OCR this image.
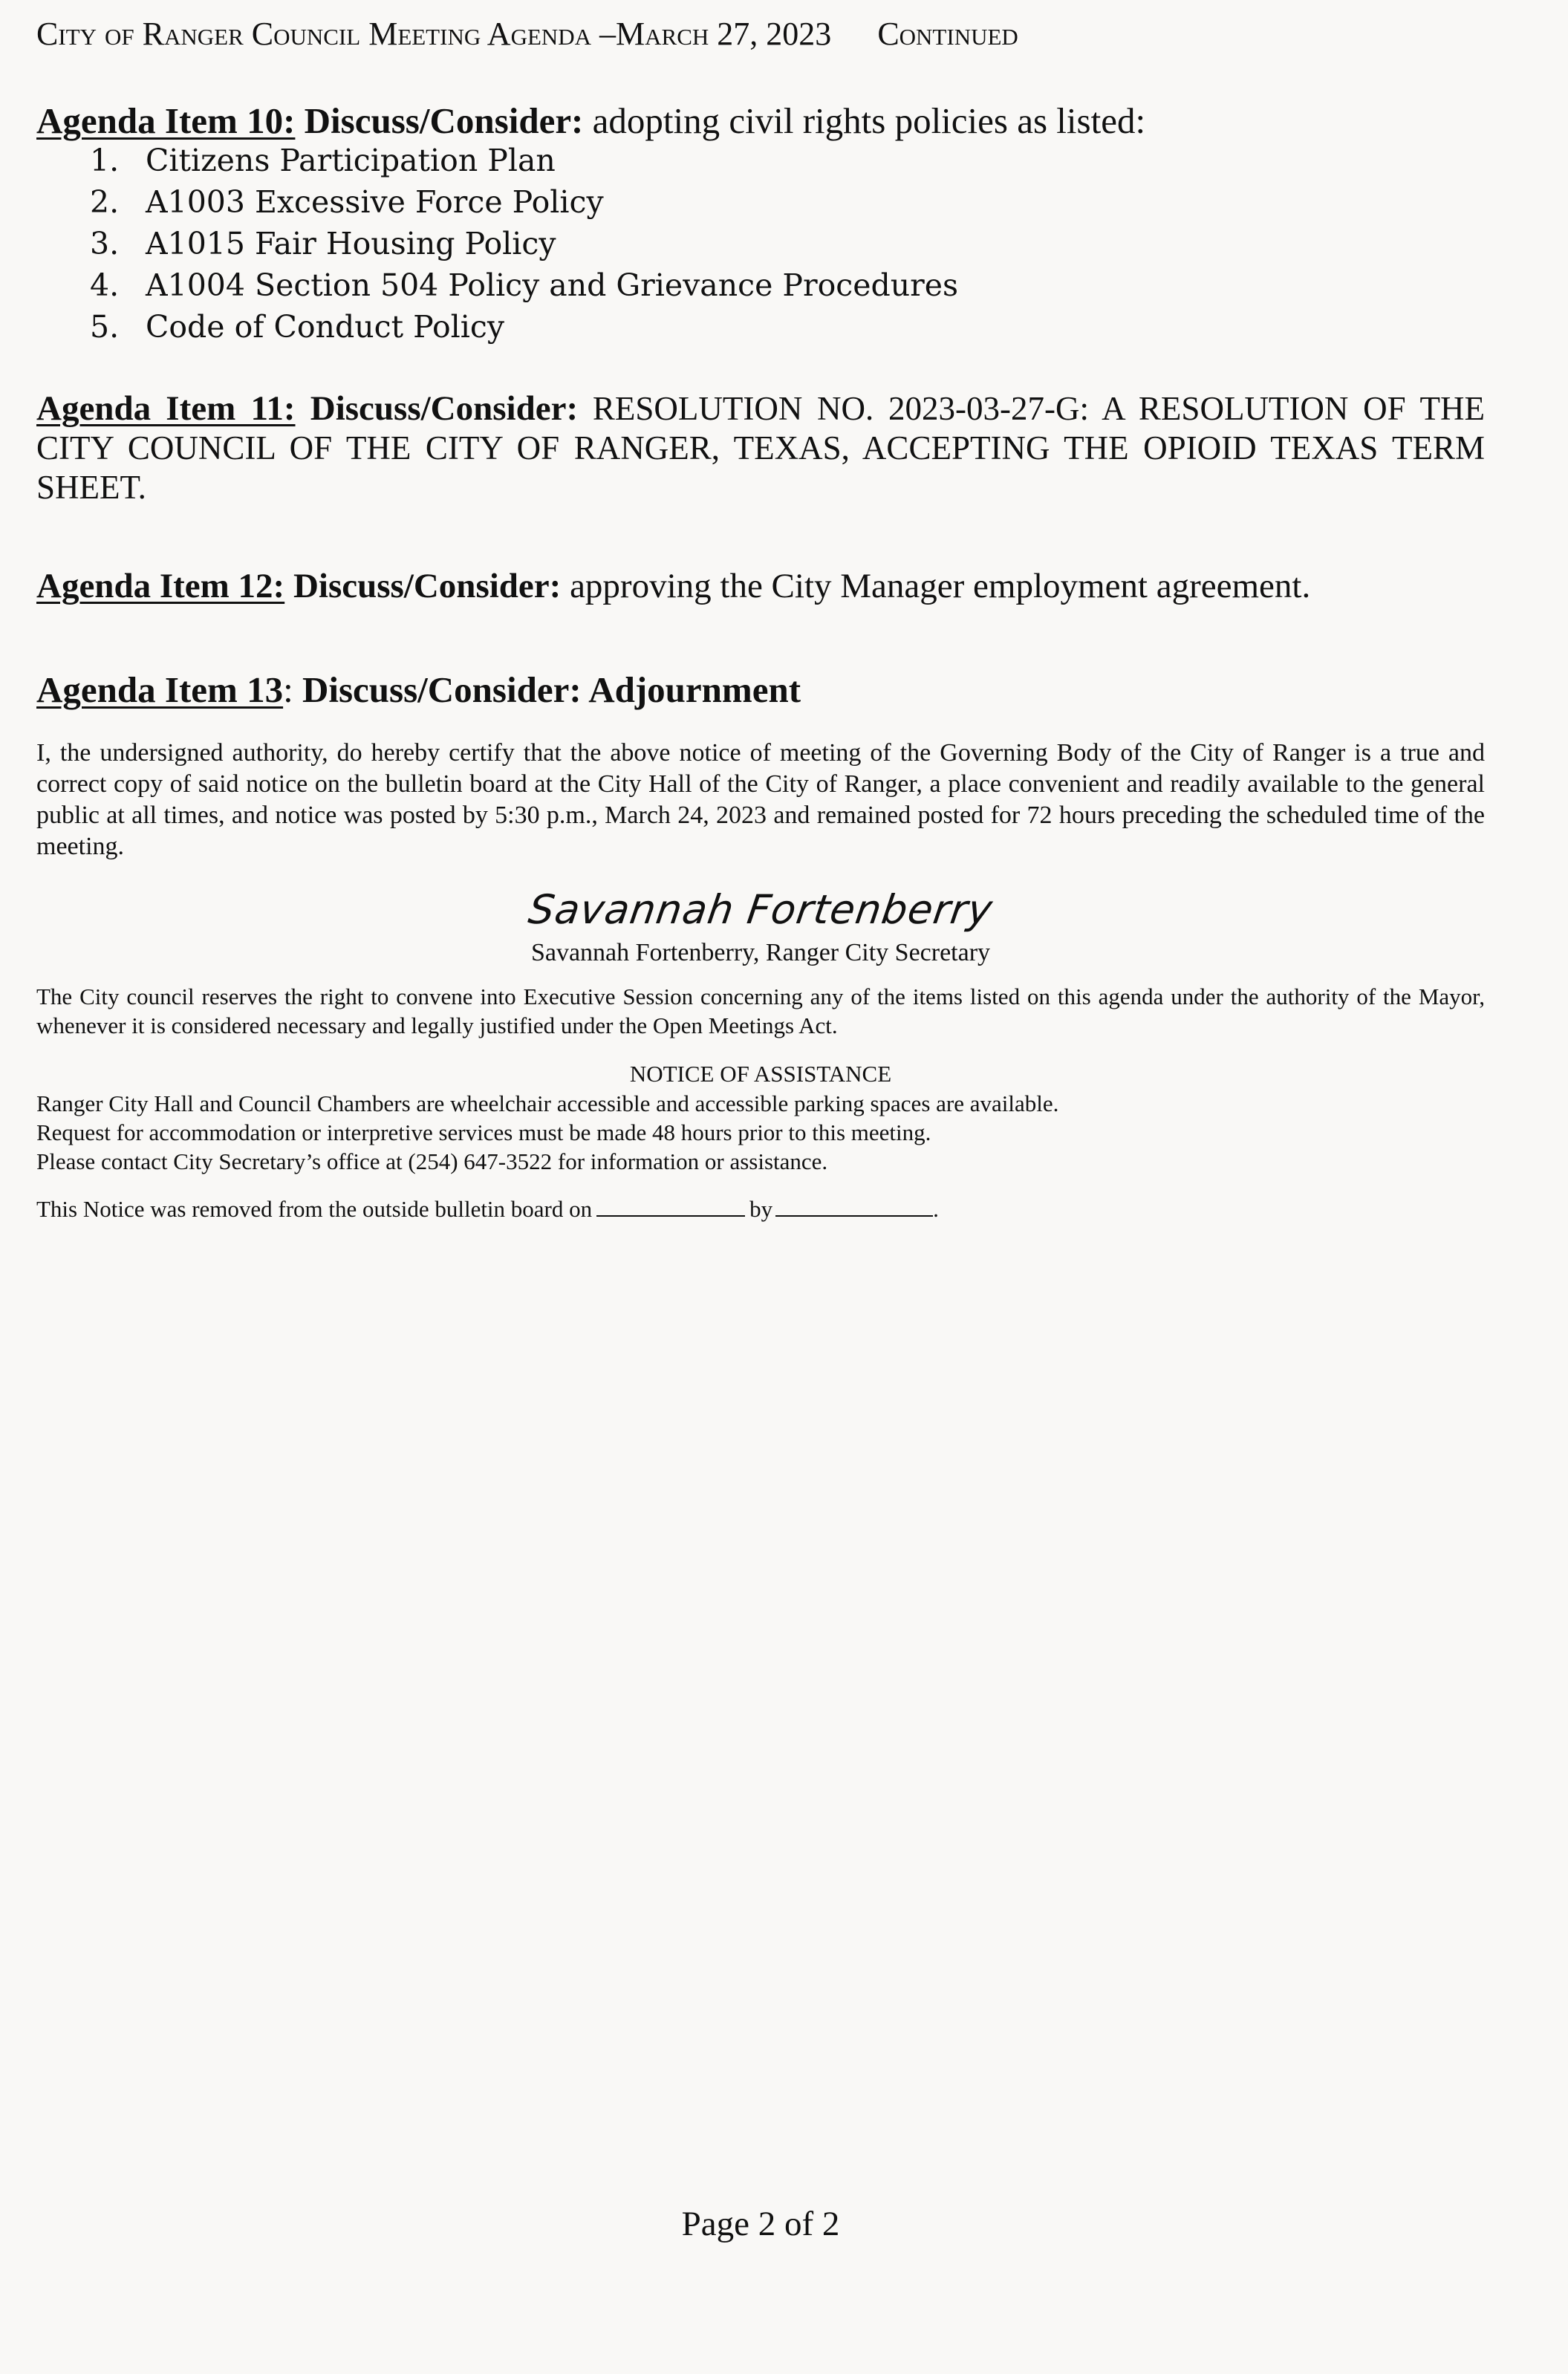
City of Ranger Council Meeting Agenda –March 27, 2023 Continued
Agenda Item 10: Discuss/Consider: adopting civil rights policies as listed:
1. Citizens Participation Plan
2. A1003 Excessive Force Policy
3. A1015 Fair Housing Policy
4. A1004 Section 504 Policy and Grievance Procedures
5. Code of Conduct Policy
Agenda Item 11: Discuss/Consider: RESOLUTION NO. 2023-03-27-G: A RESOLUTION OF THE CITY COUNCIL OF THE CITY OF RANGER, TEXAS, ACCEPTING THE OPIOID TEXAS TERM SHEET.
Agenda Item 12: Discuss/Consider: approving the City Manager employment agreement.
Agenda Item 13: Discuss/Consider: Adjournment
I, the undersigned authority, do hereby certify that the above notice of meeting of the Governing Body of the City of Ranger is a true and correct copy of said notice on the bulletin board at the City Hall of the City of Ranger, a place convenient and readily available to the general public at all times, and notice was posted by 5:30 p.m., March 24, 2023 and remained posted for 72 hours preceding the scheduled time of the meeting.
Savannah Fortenberry
Savannah Fortenberry, Ranger City Secretary
The City council reserves the right to convene into Executive Session concerning any of the items listed on this agenda under the authority of the Mayor, whenever it is considered necessary and legally justified under the Open Meetings Act.
NOTICE OF ASSISTANCE
Ranger City Hall and Council Chambers are wheelchair accessible and accessible parking spaces are available.
Request for accommodation or interpretive services must be made 48 hours prior to this meeting.
Please contact City Secretary’s office at (254) 647-3522 for information or assistance.
This Notice was removed from the outside bulletin board on	by	.
Page 2 of 2
